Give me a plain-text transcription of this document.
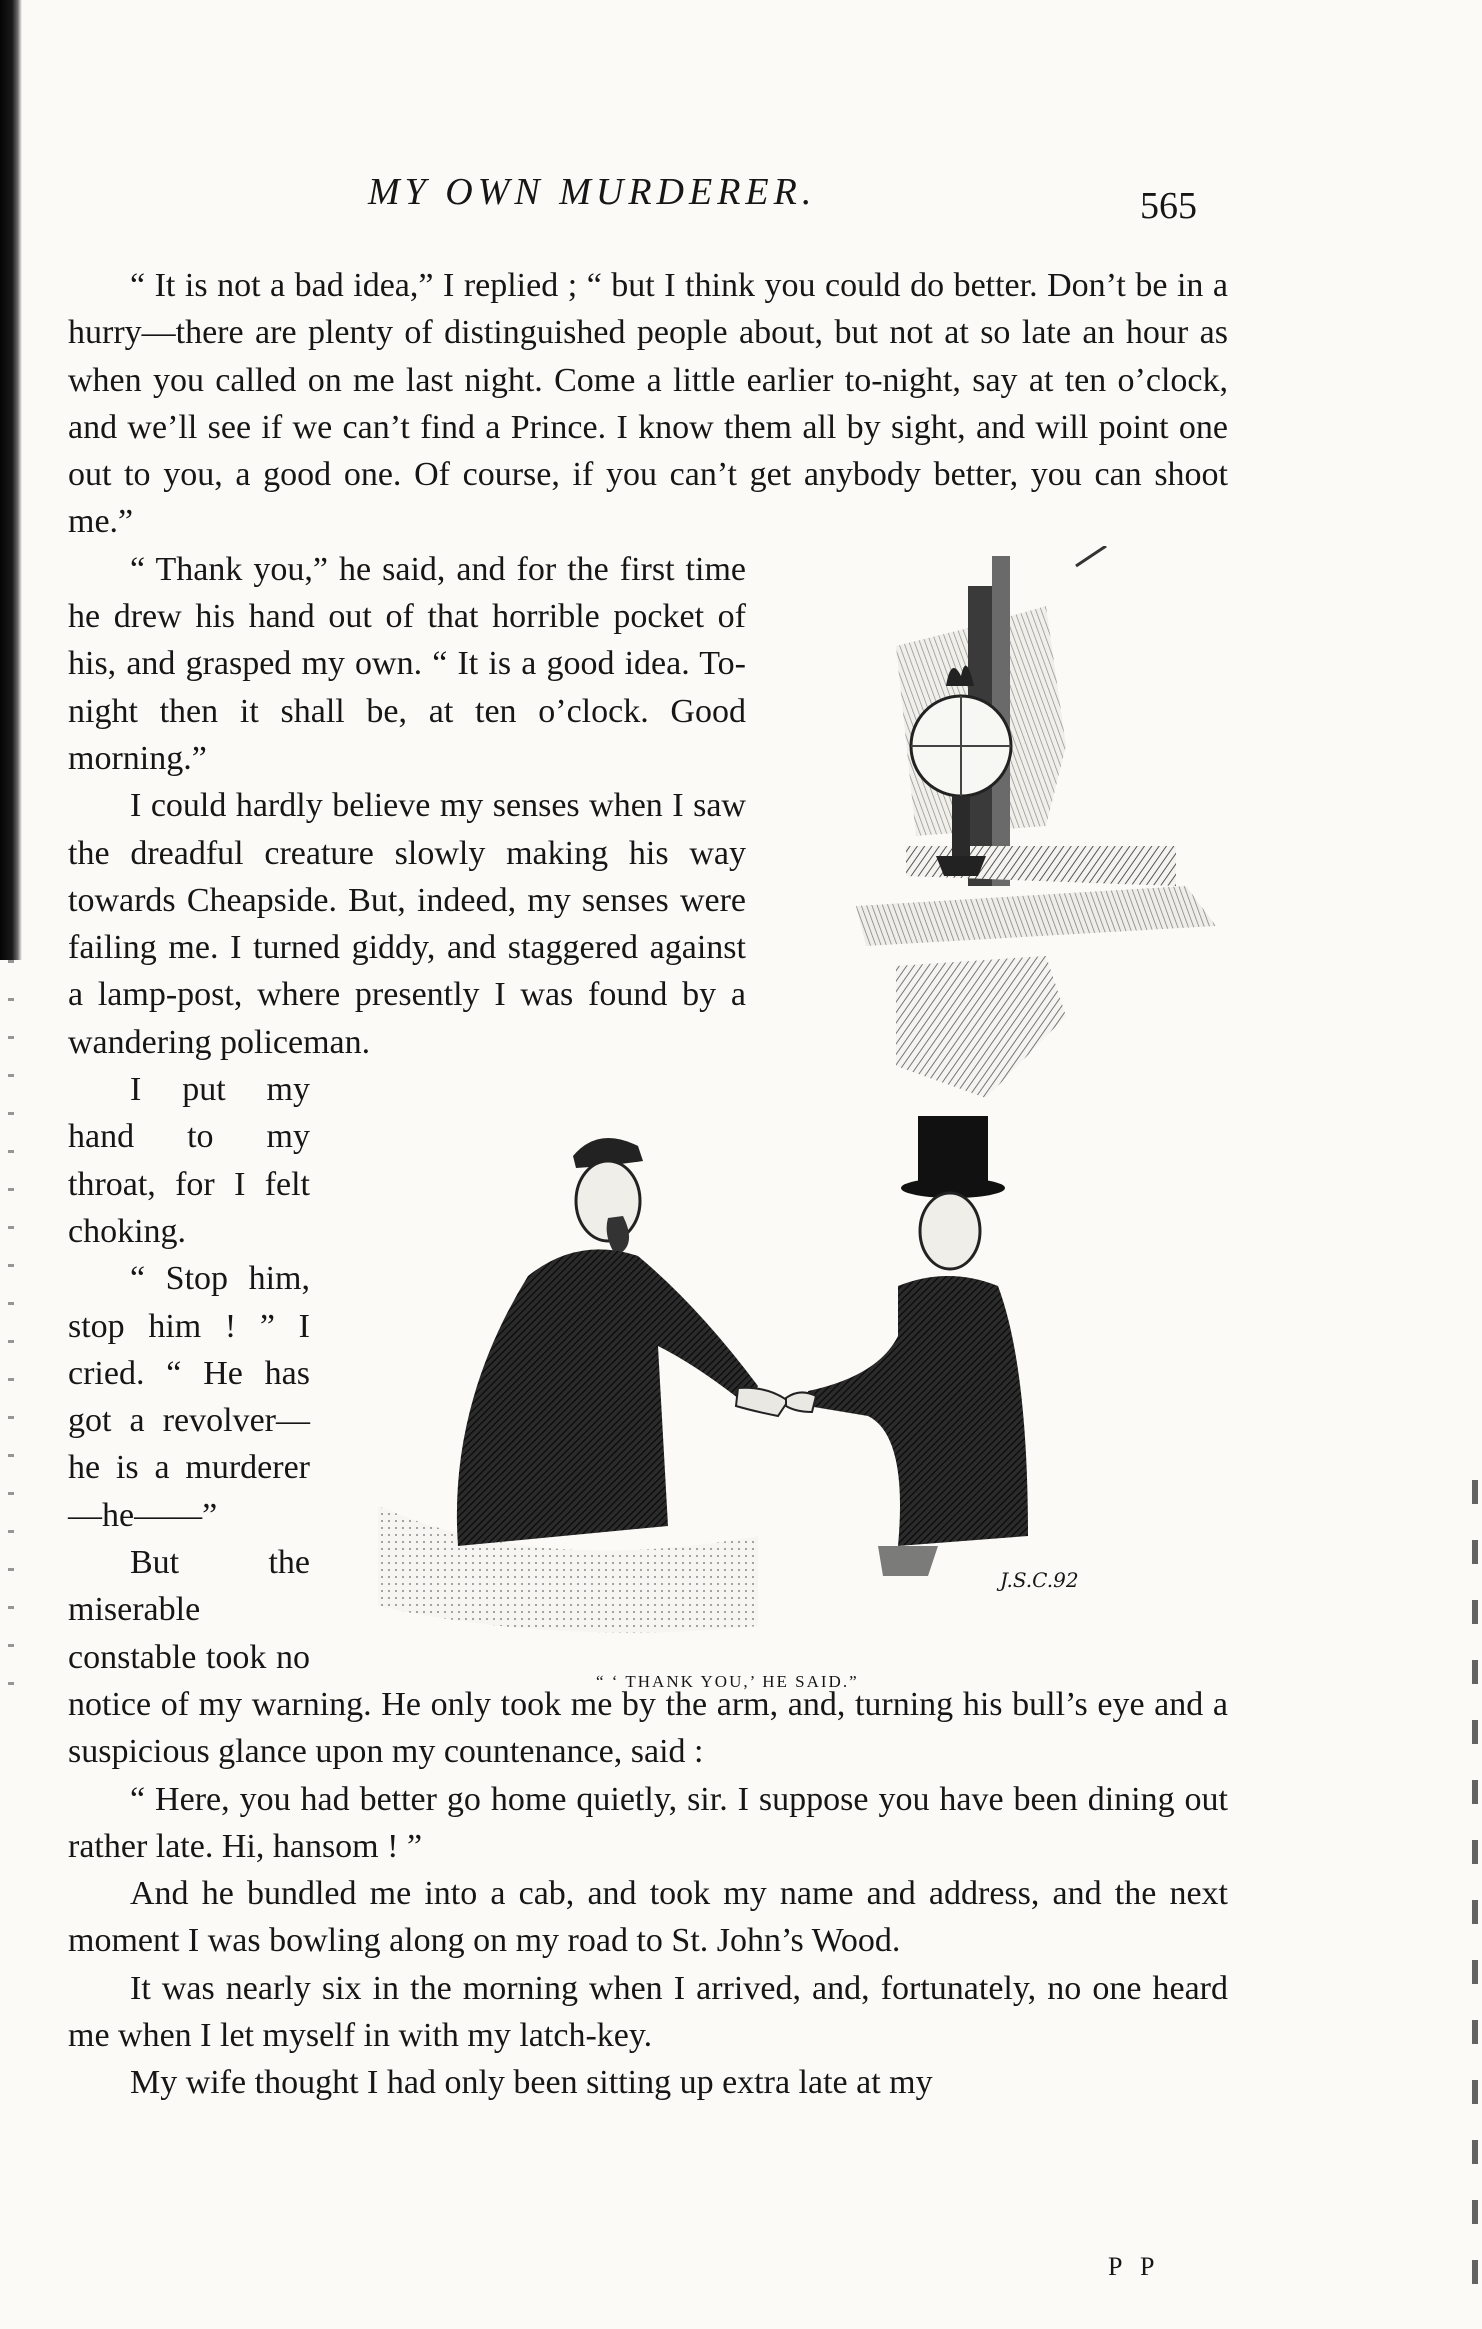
MY OWN MURDERER.	565

“ It is not a bad idea,” I replied ; “ but I think you could do better. Don’t be in a hurry—there are plenty of distinguished people about, but not at so late an hour as when you called on me last night. Come a little earlier to-night, say at ten o’clock, and we’ll see if we can’t find a Prince. I know them all by sight, and will point one out to you, a good one. Of course, if you can’t get anybody better, you can shoot me.”

“ Thank you,” he said, and for the first time he drew his hand out of that horrible pocket of his, and grasped my own. “ It is a good idea. To-night then it shall be, at ten o’clock. Good morning.”

I could hardly believe my senses when I saw the dreadful creature slowly making his way towards Cheapside. But, indeed, my senses were failing me. I turned giddy, and staggered against a lamp-post, where presently I was found by a wandering policeman.

I put my hand to my throat, for I felt choking.

“ Stop him, stop him ! ” I cried. “ He has got a revolver—he is a murderer —he——”

But the miserable constable took no notice of my warning. He only took me by the arm, and, turning his bull’s eye and a suspicious glance upon my countenance, said :

“ Here, you had better go home quietly, sir. I suppose you have been dining out rather late. Hi, hansom ! ”

And he bundled me into a cab, and took my name and address, and the next moment I was bowling along on my road to St. John’s Wood.

It was nearly six in the morning when I arrived, and, fortunately, no one heard me when I let myself in with my latch-key.

My wife thought I had only been sitting up extra late at my

J.S.C.92
“ ‘ THANK YOU,’ HE SAID.”
P P
